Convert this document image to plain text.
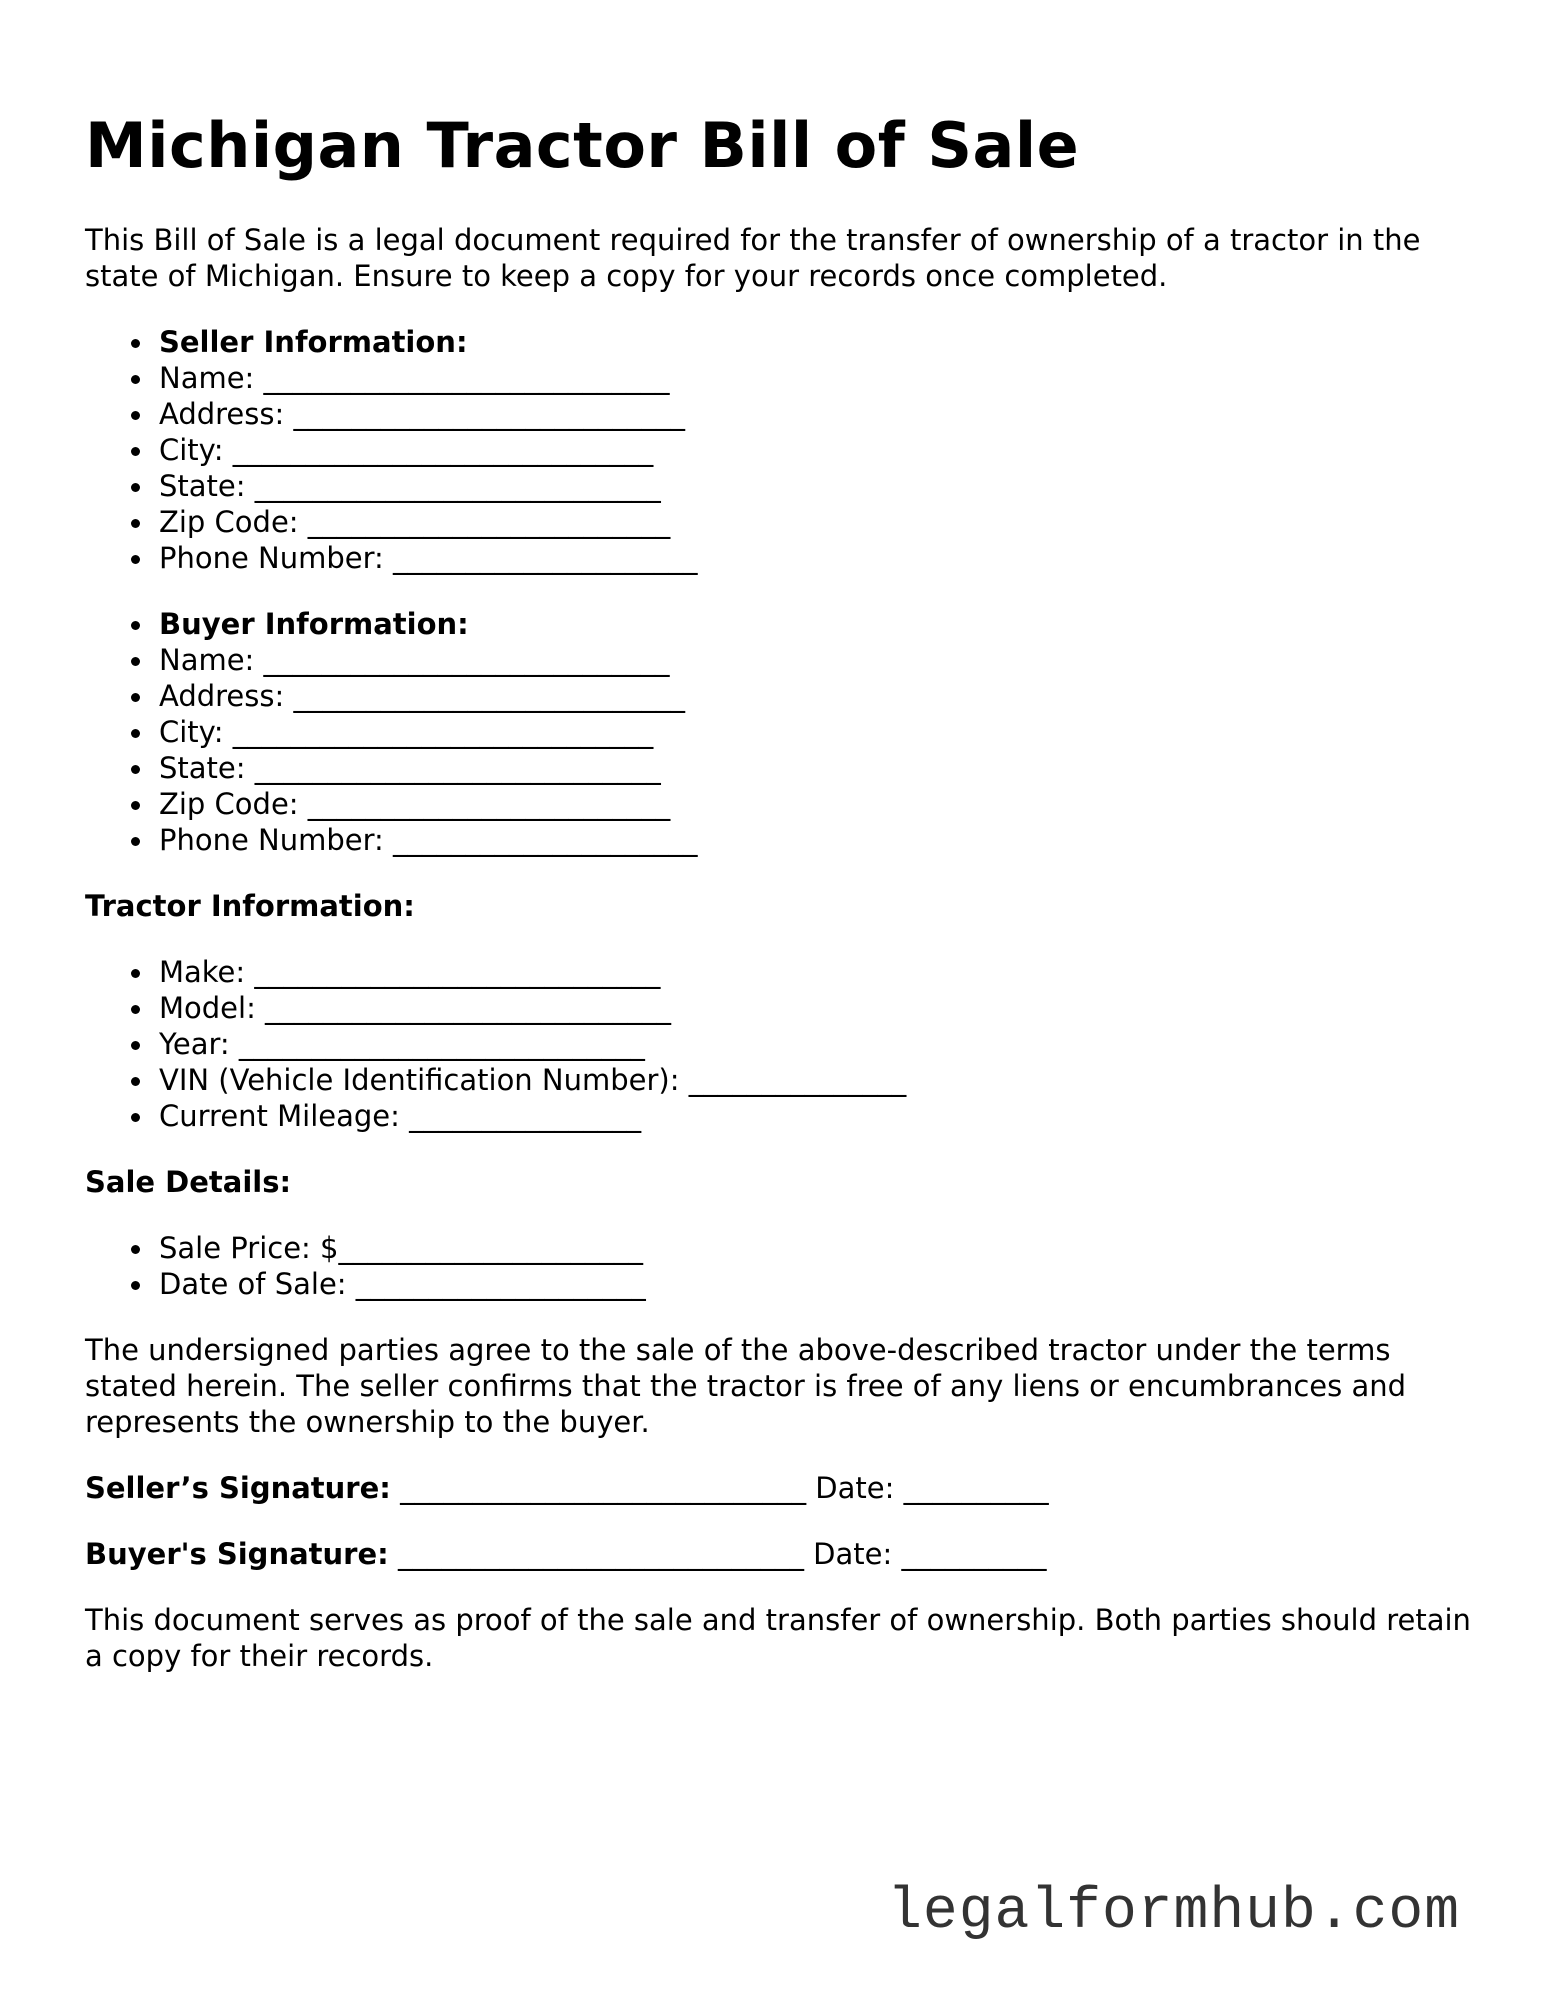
Michigan Tractor Bill of Sale

This Bill of Sale is a legal document required for the transfer of ownership of a tractor in the state of Michigan. Ensure to keep a copy for your records once completed.

Seller Information:
Name: ____________________________
Address: ___________________________
City: _____________________________
State: ____________________________
Zip Code: _________________________
Phone Number: _____________________
Buyer Information:
Name: ____________________________
Address: ___________________________
City: _____________________________
State: ____________________________
Zip Code: _________________________
Phone Number: _____________________
Tractor Information:
Make: ____________________________
Model: ____________________________
Year: ____________________________
VIN (Vehicle Identification Number): _______________
Current Mileage: ________________
Sale Details:
Sale Price: $_____________________
Date of Sale: ____________________

The undersigned parties agree to the sale of the above-described tractor under the terms stated herein. The seller confirms that the tractor is free of any liens or encumbrances and represents the ownership to the buyer.

Seller’s Signature: ____________________________ Date: __________
Buyer's Signature: ____________________________ Date: __________

This document serves as proof of the sale and transfer of ownership. Both parties should retain a copy for their records.

legalformhub.com
